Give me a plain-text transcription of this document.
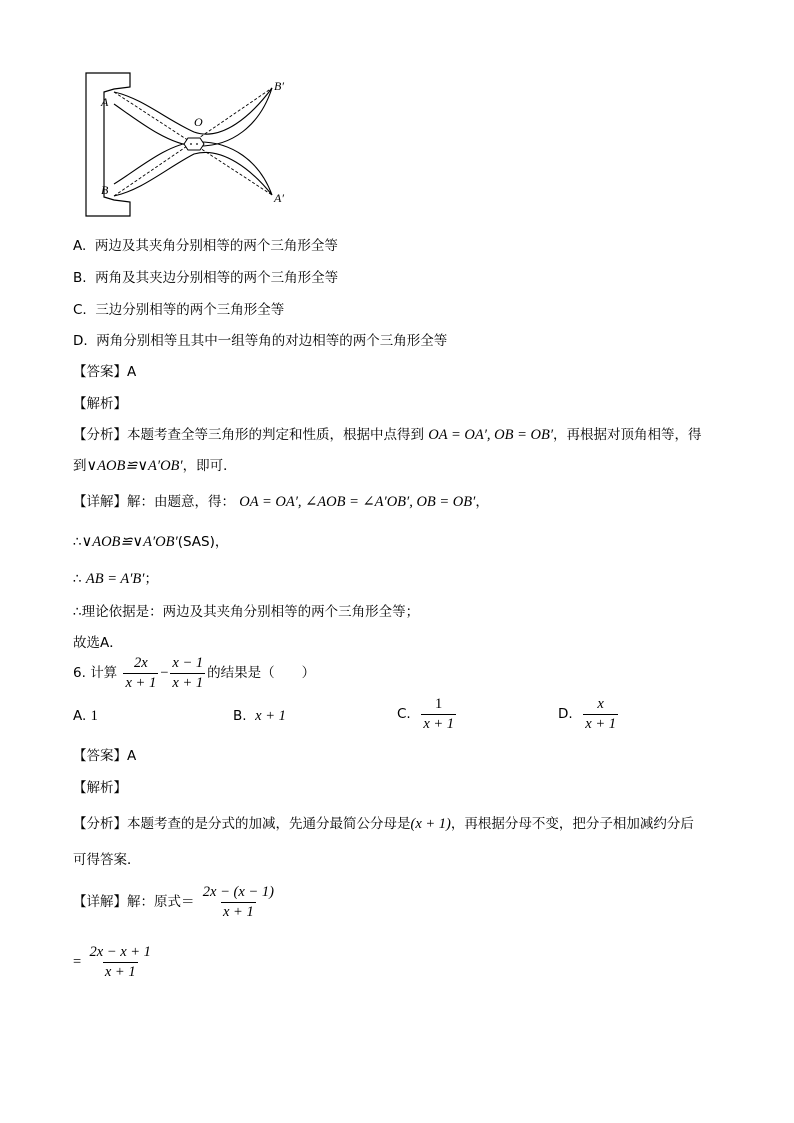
A
B
O
B′
A′
A. 两边及其夹角分别相等的两个三角形全等
B. 两角及其夹边分别相等的两个三角形全等
C. 三边分别相等的两个三角形全等
D. 两角分别相等且其中一组等角的对边相等的两个三角形全等
【答案】A
【解析】
【分析】本题考查全等三角形的判定和性质，根据中点得到 OA = OA′, OB = OB′，再根据对顶角相等，得
到∨AOB≌∨A′OB′，即可．
【详解】解：由题意，得： OA = OA′, ∠AOB = ∠A′OB′, OB = OB′，
∴∨AOB≌∨A′OB′(SAS)，
∴ AB = A′B′；
∴理论依据是：两边及其夹角分别相等的两个三角形全等；
故选A．
6. 计算 $\frac{2x}{x + 1} - \frac{x - 1}{x + 1}$ 的结果是（　　）
A. 1	B. x + 1	C. $\frac{1}{x + 1}$	D. $\frac{x}{x + 1}$
【答案】A
【解析】
【分析】本题考查的是分式的加减，先通分最简公分母是(x + 1)，再根据分母不变，把分子相加减约分后
可得答案．
【详解】解：原式＝ $\frac{2x - (x - 1)}{x + 1}$
= $\frac{2x - x + 1}{x + 1}$
